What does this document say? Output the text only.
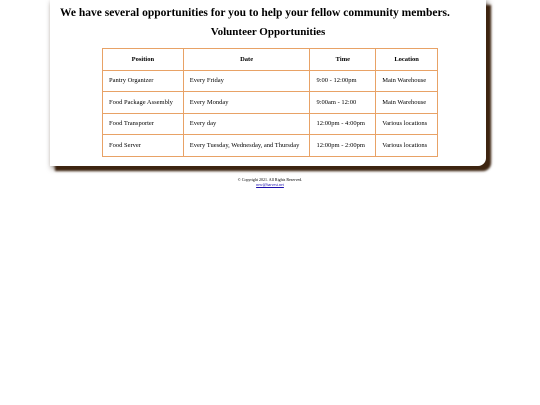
We have several opportunities for you to help your fellow community members.
Volunteer Opportunities
Position	Date	Time	Location
Pantry Organizer	Every Friday	9:00 - 12:00pm	Main Warehouse
Food Package Assembly	Every Monday	9:00am - 12:00	Main Warehouse
Food Transporter	Every day	12:00pm - 4:00pm	Various locations
Food Server	Every Tuesday, Wednesday, and Thursday	12:00pm - 2:00pm	Various locations
© Copyright 2021. All Rights Reserved.
new@harvest.net
